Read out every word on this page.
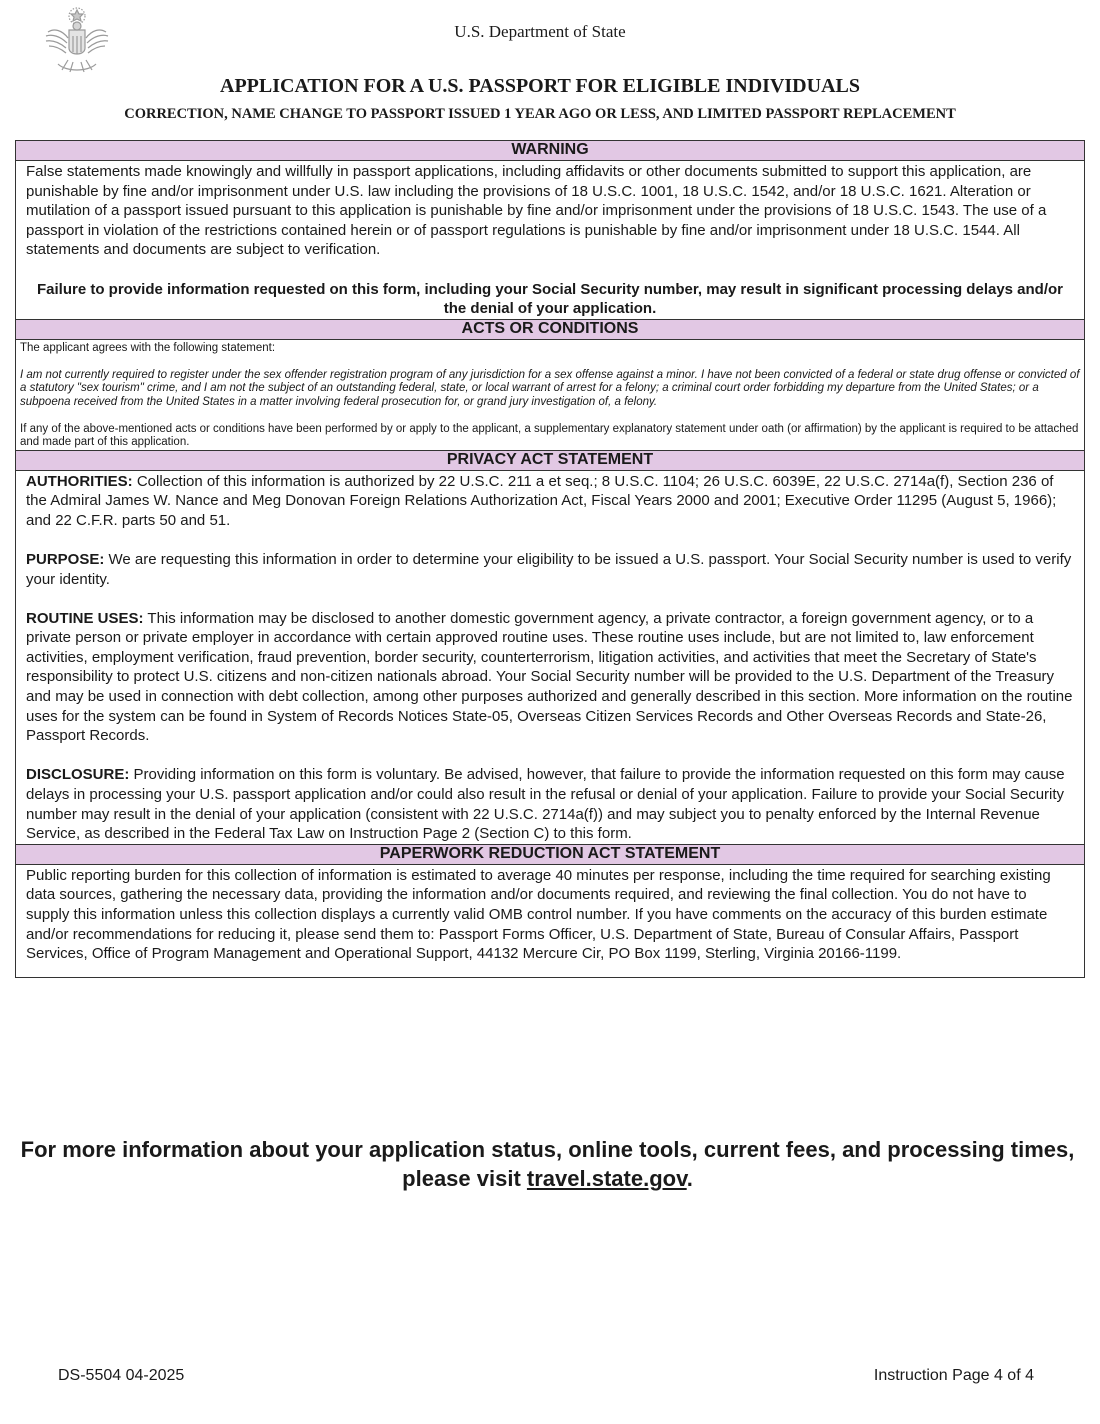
U.S. Department of State
APPLICATION FOR A U.S. PASSPORT FOR ELIGIBLE INDIVIDUALS
CORRECTION, NAME CHANGE TO PASSPORT ISSUED 1 YEAR AGO OR LESS, AND LIMITED PASSPORT REPLACEMENT
WARNING

False statements made knowingly and willfully in passport applications, including affidavits or other documents submitted to support this application, are punishable by fine and/or imprisonment under U.S. law including the provisions of 18 U.S.C. 1001, 18 U.S.C. 1542, and/or 18 U.S.C. 1621. Alteration or mutilation of a passport issued pursuant to this application is punishable by fine and/or imprisonment under the provisions of 18 U.S.C. 1543. The use of a passport in violation of the restrictions contained herein or of passport regulations is punishable by fine and/or imprisonment under 18 U.S.C. 1544. All statements and documents are subject to verification.

Failure to provide information requested on this form, including your Social Security number, may result in significant processing delays and/or the denial of your application.

ACTS OR CONDITIONS

The applicant agrees with the following statement:

I am not currently required to register under the sex offender registration program of any jurisdiction for a sex offense against a minor. I have not been convicted of a federal or state drug offense or convicted of a statutory "sex tourism" crime, and I am not the subject of an outstanding federal, state, or local warrant of arrest for a felony; a criminal court order forbidding my departure from the United States; or a subpoena received from the United States in a matter involving federal prosecution for, or grand jury investigation of, a felony.

If any of the above-mentioned acts or conditions have been performed by or apply to the applicant, a supplementary explanatory statement under oath (or affirmation) by the applicant is required to be attached and made part of this application.

PRIVACY ACT STATEMENT

AUTHORITIES: Collection of this information is authorized by 22 U.S.C. 211 a et seq.; 8 U.S.C. 1104; 26 U.S.C. 6039E, 22 U.S.C. 2714a(f), Section 236 of the Admiral James W. Nance and Meg Donovan Foreign Relations Authorization Act, Fiscal Years 2000 and 2001; Executive Order 11295 (August 5, 1966); and 22 C.F.R. parts 50 and 51.

PURPOSE: We are requesting this information in order to determine your eligibility to be issued a U.S. passport. Your Social Security number is used to verify your identity.

ROUTINE USES: This information may be disclosed to another domestic government agency, a private contractor, a foreign government agency, or to a private person or private employer in accordance with certain approved routine uses. These routine uses include, but are not limited to, law enforcement activities, employment verification, fraud prevention, border security, counterterrorism, litigation activities, and activities that meet the Secretary of State's responsibility to protect U.S. citizens and non-citizen nationals abroad. Your Social Security number will be provided to the U.S. Department of the Treasury and may be used in connection with debt collection, among other purposes authorized and generally described in this section. More information on the routine uses for the system can be found in System of Records Notices State-05, Overseas Citizen Services Records and Other Overseas Records and State-26, Passport Records.

DISCLOSURE: Providing information on this form is voluntary. Be advised, however, that failure to provide the information requested on this form may cause delays in processing your U.S. passport application and/or could also result in the refusal or denial of your application. Failure to provide your Social Security number may result in the denial of your application (consistent with 22 U.S.C. 2714a(f)) and may subject you to penalty enforced by the Internal Revenue Service, as described in the Federal Tax Law on Instruction Page 2 (Section C) to this form.

PAPERWORK REDUCTION ACT STATEMENT

Public reporting burden for this collection of information is estimated to average 40 minutes per response, including the time required for searching existing data sources, gathering the necessary data, providing the information and/or documents required, and reviewing the final collection. You do not have to supply this information unless this collection displays a currently valid OMB control number. If you have comments on the accuracy of this burden estimate and/or recommendations for reducing it, please send them to: Passport Forms Officer, U.S. Department of State, Bureau of Consular Affairs, Passport Services, Office of Program Management and Operational Support, 44132 Mercure Cir, PO Box 1199, Sterling, Virginia 20166-1199.

For more information about your application status, online tools, current fees, and processing times, please visit travel.state.gov.
DS-5504 04-2025	Instruction Page 4 of 4
